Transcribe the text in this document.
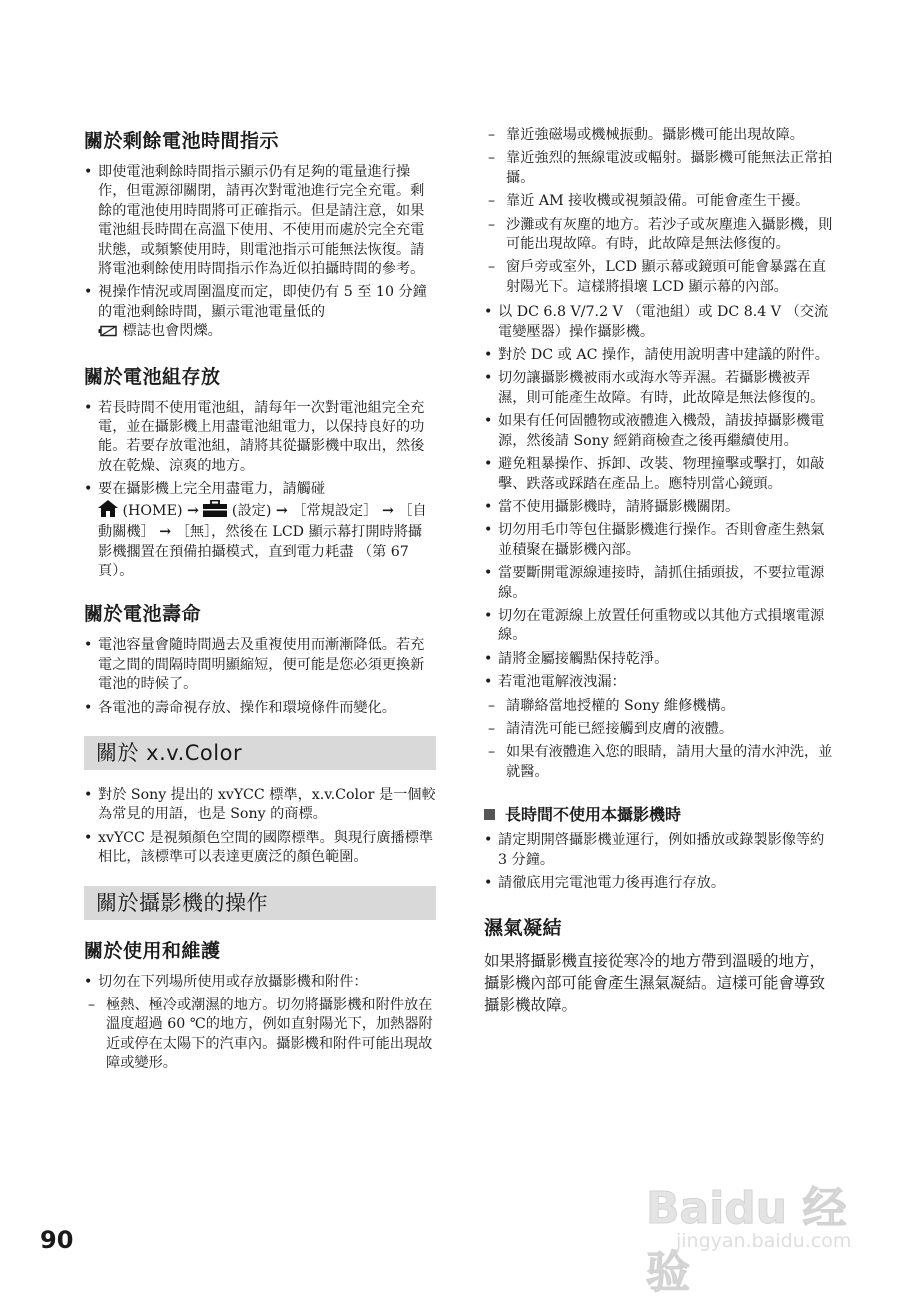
關於剩餘電池時間指示
• 即使電池剩餘時間指示顯示仍有足夠的電量進行操作，但電源卻關閉，請再次對電池進行完全充電。剩餘的電池使用時間將可正確指示。但是請注意，如果電池組長時間在高溫下使用、不使用而處於完全充電狀態，或頻繁使用時，則電池指示可能無法恢復。請將電池剩餘使用時間指示作為近似拍攝時間的參考。
• 視操作情況或周圍溫度而定，即使仍有 5 至 10 分鐘的電池剩餘時間，顯示電池電量低的
標誌也會閃爍。
關於電池組存放
• 若長時間不使用電池組，請每年一次對電池組完全充電，並在攝影機上用盡電池組電力，以保持良好的功能。若要存放電池組，請將其從攝影機中取出，然後放在乾燥、涼爽的地方。
• 要在攝影機上完全用盡電力，請觸碰
(HOME) → (設定) → ［常規設定］ → ［自動關機］ → ［無］，然後在 LCD 顯示幕打開時將攝影機擱置在預備拍攝模式，直到電力耗盡 （第 67 頁）。
關於電池壽命
• 電池容量會隨時間過去及重複使用而漸漸降低。若充電之間的間隔時間明顯縮短，便可能是您必須更換新電池的時候了。
• 各電池的壽命視存放、操作和環境條件而變化。
關於 x.v.Color
• 對於 Sony 提出的 xvYCC 標準，x.v.Color 是一個較為常見的用語，也是 Sony 的商標。
• xvYCC 是視頻顏色空間的國際標準。與現行廣播標準相比，該標準可以表達更廣泛的顏色範圍。
關於攝影機的操作
關於使用和維護
• 切勿在下列場所使用或存放攝影機和附件：
– 極熱、極冷或潮濕的地方。切勿將攝影機和附件放在溫度超過 60 ℃的地方，例如直射陽光下，加熱器附近或停在太陽下的汽車內。攝影機和附件可能出現故障或變形。
– 靠近強磁場或機械振動。攝影機可能出現故障。
– 靠近強烈的無線電波或輻射。攝影機可能無法正常拍攝。
– 靠近 AM 接收機或視頻設備。可能會產生干擾。
– 沙灘或有灰塵的地方。若沙子或灰塵進入攝影機，則可能出現故障。有時，此故障是無法修復的。
– 窗戶旁或室外，LCD 顯示幕或鏡頭可能會暴露在直射陽光下。這樣將損壞 LCD 顯示幕的內部。
• 以 DC 6.8 V/7.2 V （電池組）或 DC 8.4 V （交流電變壓器）操作攝影機。
• 對於 DC 或 AC 操作，請使用說明書中建議的附件。
• 切勿讓攝影機被雨水或海水等弄濕。若攝影機被弄濕，則可能產生故障。有時，此故障是無法修復的。
• 如果有任何固體物或液體進入機殼，請拔掉攝影機電源，然後請 Sony 經銷商檢查之後再繼續使用。
• 避免粗暴操作、拆卸、改裝、物理撞擊或擊打，如敲擊、跌落或踩踏在產品上。應特別當心鏡頭。
• 當不使用攝影機時，請將攝影機關閉。
• 切勿用毛巾等包住攝影機進行操作。否則會產生熱氣並積聚在攝影機內部。
• 當要斷開電源線連接時，請抓住插頭拔，不要拉電源線。
• 切勿在電源線上放置任何重物或以其他方式損壞電源線。
• 請將金屬接觸點保持乾淨。
• 若電池電解液洩漏：
– 請聯絡當地授權的 Sony 維修機構。
– 請清洗可能已經接觸到皮膚的液體。
– 如果有液體進入您的眼睛，請用大量的清水沖洗，並就醫。
長時間不使用本攝影機時
• 請定期開啓攝影機並運行，例如播放或錄製影像等約 3 分鐘。
• 請徹底用完電池電力後再進行存放。
濕氣凝結

如果將攝影機直接從寒冷的地方帶到溫暖的地方，攝影機內部可能會產生濕氣凝結。這樣可能會導致攝影機故障。

90
Baidu 经验
jingyan.baidu.com
